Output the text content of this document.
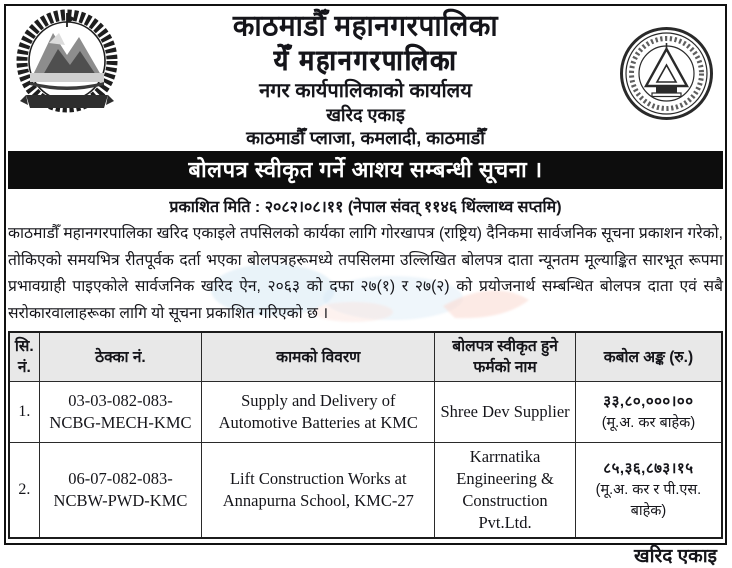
काठमाडौँ महानगरपालिका
येँ महानगरपालिका
नगर कार्यपालिकाको कार्यालय
खरिद एकाइ
काठमाडौँ प्लाजा, कमलादी, काठमाडौँ
बोलपत्र स्वीकृत गर्ने आशय सम्बन्धी सूचना ।
प्रकाशित मिति : २०८२।०८।११ (नेपाल संवत् ११४६ थिंल्लाथ्व सप्तमि)
काठमाडौँ महानगरपालिका खरिद एकाइले तपसिलको कार्यका लागि गोरखापत्र (राष्ट्रिय) दैनिकमा सार्वजनिक सूचना प्रकाशन गरेको, तोकिएको समयभित्र रीतपूर्वक दर्ता भएका बोलपत्रहरूमध्ये तपसिलमा उल्लिखित बोलपत्र दाता न्यूनतम मूल्याङ्कित सारभूत रूपमा प्रभावग्राही पाइएकोले सार्वजनिक खरिद ऐन, २०६३ को दफा २७(१) र २७(२) को प्रयोजनार्थ सम्बन्धित बोलपत्र दाता एवं सबै सरोकारवालाहरूका लागि यो सूचना प्रकाशित गरिएको छ ।
सि.
नं.	ठेक्का नं.	कामको विवरण	बोलपत्र स्वीकृत हुने फर्मको नाम	कबोल अङ्क (रु.)
1.	03-03-082-083-NCBG-MECH-KMC	Supply and Delivery of Automotive Batteries at KMC	Shree Dev Supplier	३३,८०,०००।००
(मू.अ. कर बाहेक)

2.	06-07-082-083-NCBW-PWD-KMC	Lift Construction Works at Annapurna School, KMC-27	Karrnatika Engineering & Construction Pvt.Ltd.	८५,३६,८७३।१५
(मू.अ. कर र पी.एस. बाहेक)
खरिद एकाइ
